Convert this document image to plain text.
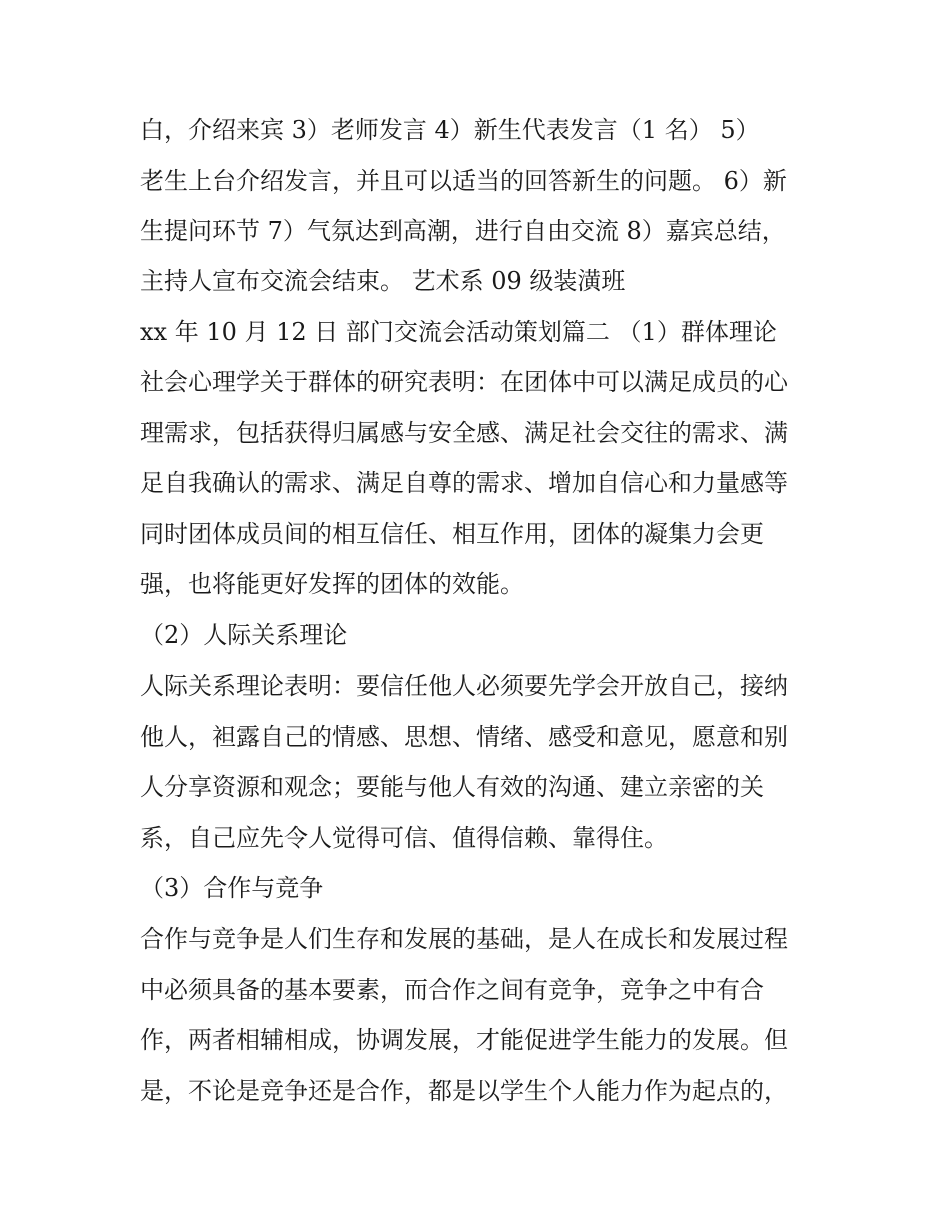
白，介绍来宾 3）老师发言 4）新生代表发言（1 名） 5）
老生上台介绍发言，并且可以适当的回答新生的问题。 6）新
生提问环节 7）气氛达到高潮，进行自由交流 8）嘉宾总结，
主持人宣布交流会结束。 艺术系 09 级装潢班
xx 年 10 月 12 日 部门交流会活动策划篇二 （1）群体理论
社会心理学关于群体的研究表明：在团体中可以满足成员的心
理需求，包括获得归属感与安全感、满足社会交往的需求、满
足自我确认的需求、满足自尊的需求、增加自信心和力量感等
同时团体成员间的相互信任、相互作用，团体的凝集力会更
强，也将能更好发挥的团体的效能。
（2）人际关系理论
人际关系理论表明：要信任他人必须要先学会开放自己，接纳
他人，袒露自己的情感、思想、情绪、感受和意见，愿意和别
人分享资源和观念；要能与他人有效的沟通、建立亲密的关
系，自己应先令人觉得可信、值得信赖、靠得住。
（3）合作与竞争
合作与竞争是人们生存和发展的基础，是人在成长和发展过程
中必须具备的基本要素，而合作之间有竞争，竞争之中有合
作，两者相辅相成，协调发展，才能促进学生能力的发展。但
是，不论是竞争还是合作，都是以学生个人能力作为起点的，
